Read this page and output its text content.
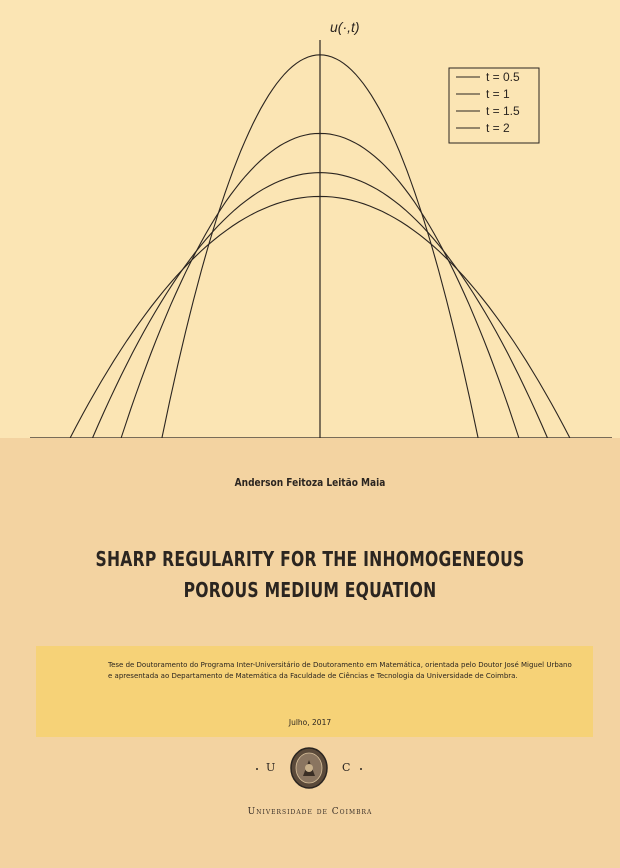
u(·,t)
t = 0.5
t = 1
t = 1.5
t = 2
Anderson Feitoza Leitão Maia
SHARP REGULARITY FOR THE INHOMOGENEOUS
POROUS MEDIUM EQUATION
Tese de Doutoramento do Programa Inter-Universitário de Doutoramento em Matemática, orientada pelo Doutor José Miguel Urbano e apresentada ao Departamento de Matemática da Faculdade de Ciências e Tecnologia da Universidade de Coimbra.
Julho, 2017
U	C
Universidade de Coimbra
